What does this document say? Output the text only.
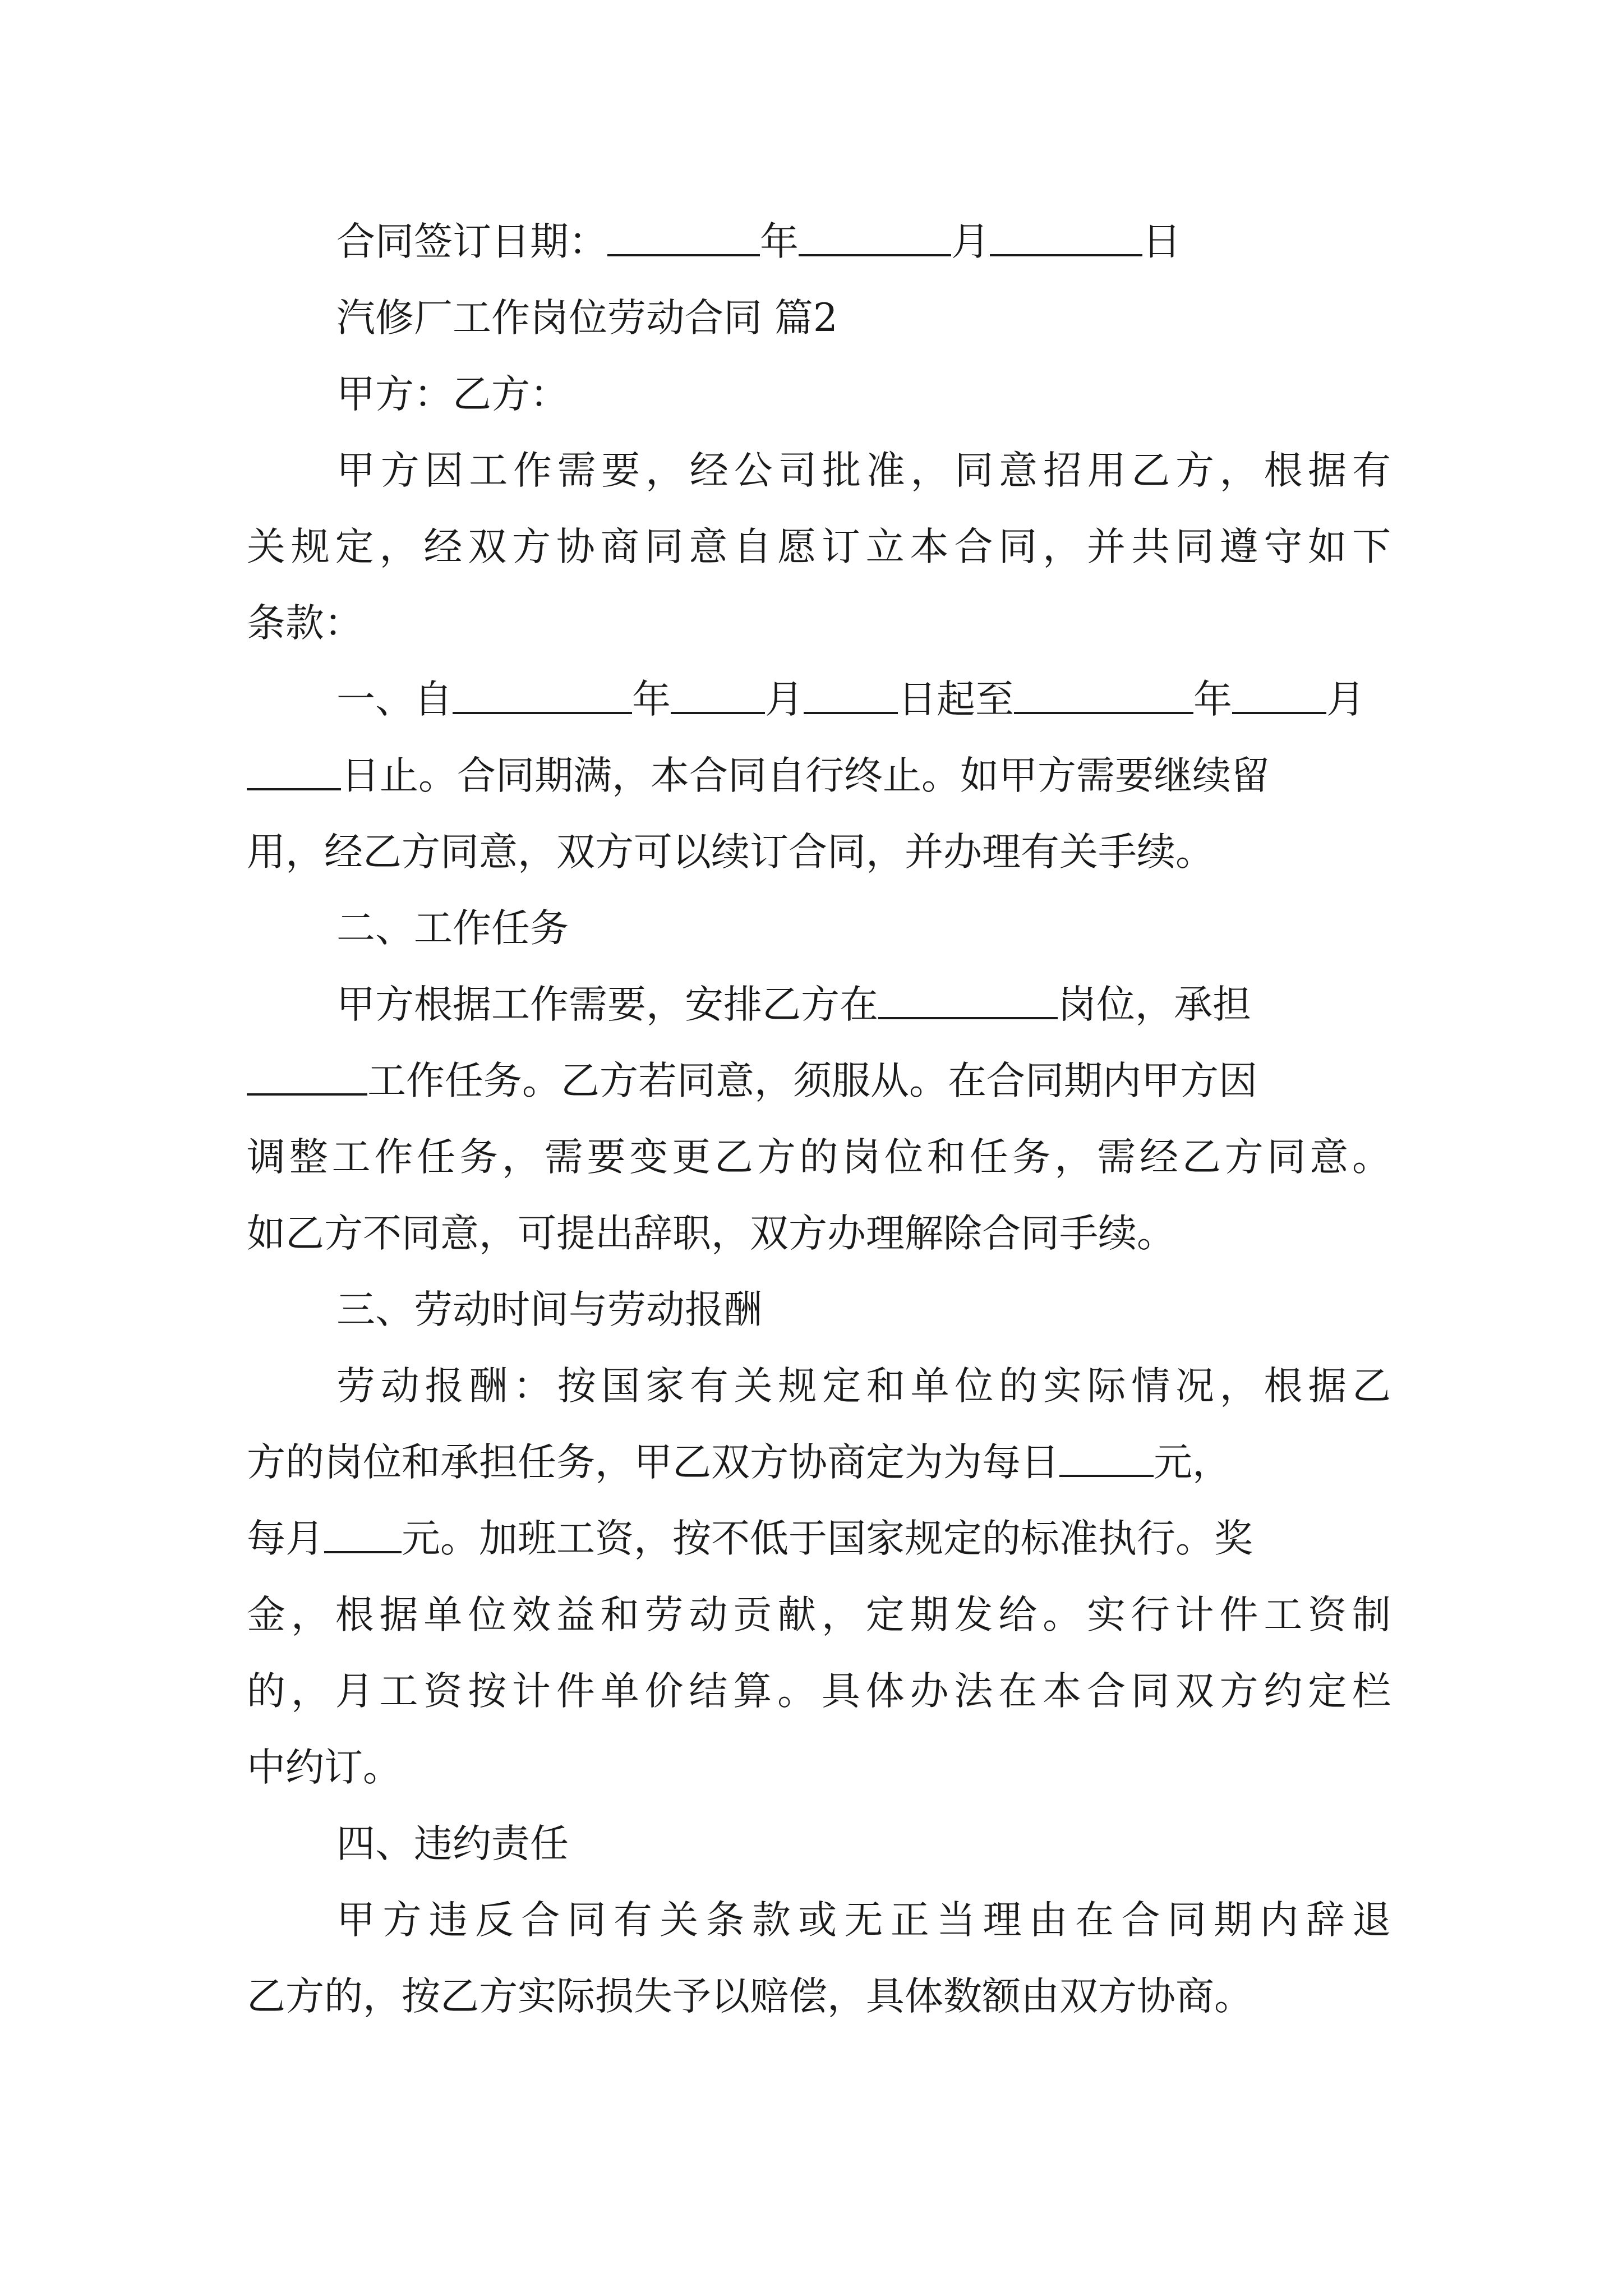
合同签订日期：	年	月	日
汽修厂工作岗位劳动合同 篇2
甲方：乙方：
甲方因工作需要，经公司批准，同意招用乙方，根据有
关规定，经双方协商同意自愿订立本合同，并共同遵守如下
条款：
一、自	年 月 日起至	年 月
日止。合同期满，本合同自行终止。如甲方需要继续留
用，经乙方同意，双方可以续订合同，并办理有关手续。
二、工作任务
甲方根据工作需要，安排乙方在	岗位，承担
工作任务。乙方若同意，须服从。在合同期内甲方因
调整工作任务，需要变更乙方的岗位和任务，需经乙方同意。
如乙方不同意，可提出辞职，双方办理解除合同手续。
三、劳动时间与劳动报酬
劳动报酬：按国家有关规定和单位的实际情况，根据乙
方的岗位和承担任务，甲乙双方协商定为为每日 元，
每月 元。加班工资，按不低于国家规定的标准执行。奖
金，根据单位效益和劳动贡献，定期发给。实行计件工资制
的，月工资按计件单价结算。具体办法在本合同双方约定栏
中约订。
四、违约责任
甲方违反合同有关条款或无正当理由在合同期内辞退
乙方的，按乙方实际损失予以赔偿，具体数额由双方协商。
